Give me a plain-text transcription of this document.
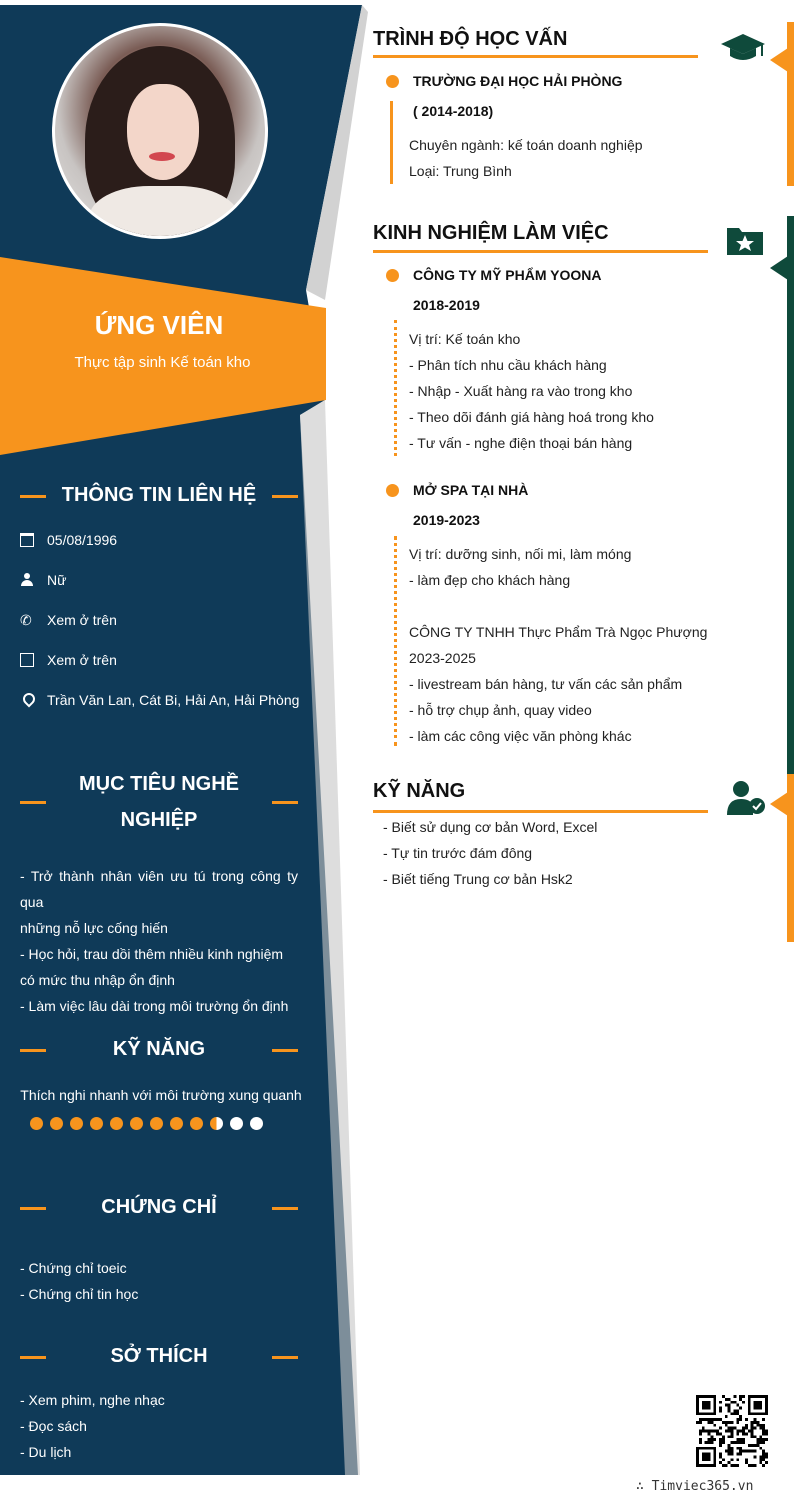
ỨNG VIÊN
Thực tập sinh Kế toán kho
THÔNG TIN LIÊN HỆ
05/08/1996
Nữ
✆ Xem ở trên
Xem ở trên
Trần Văn Lan, Cát Bi, Hải An, Hải Phòng
MỤC TIÊU NGHỀ
NGHIỆP
- Trở thành nhân viên ưu tú trong công ty qua
những nỗ lực cống hiến
- Học hỏi, trau dồi thêm nhiều kinh nghiệm
có mức thu nhập ổn định
- Làm việc lâu dài trong môi trường ổn định
KỸ NĂNG
Thích nghi nhanh với môi trường xung quanh
CHỨNG CHỈ
- Chứng chỉ toeic
- Chứng chỉ tin học
SỞ THÍCH
- Xem phim, nghe nhạc
- Đọc sách
- Du lịch
TRÌNH ĐỘ HỌC VẤN
TRƯỜNG ĐẠI HỌC HẢI PHÒNG
( 2014-2018)
Chuyên ngành: kế toán doanh nghiệp
Loại: Trung Bình
KINH NGHIỆM LÀM VIỆC
CÔNG TY MỸ PHẨM YOONA
2018-2019
Vị trí: Kế toán kho
- Phân tích nhu cầu khách hàng
- Nhập - Xuất hàng ra vào trong kho
- Theo dõi đánh giá hàng hoá trong kho
- Tư vấn - nghe điện thoại bán hàng
MỞ SPA TẠI NHÀ
2019-2023
Vị trí: dưỡng sinh, nối mi, làm móng
- làm đẹp cho khách hàng
CÔNG TY TNHH Thực Phẩm Trà Ngọc Phượng
2023-2025
- livestream bán hàng, tư vấn các sản phẩm
- hỗ trợ chụp ảnh, quay video
- làm các công việc văn phòng khác
KỸ NĂNG
- Biết sử dụng cơ bản Word, Excel
- Tự tin trước đám đông
- Biết tiếng Trung cơ bản Hsk2
∴ Timviec365.vn
